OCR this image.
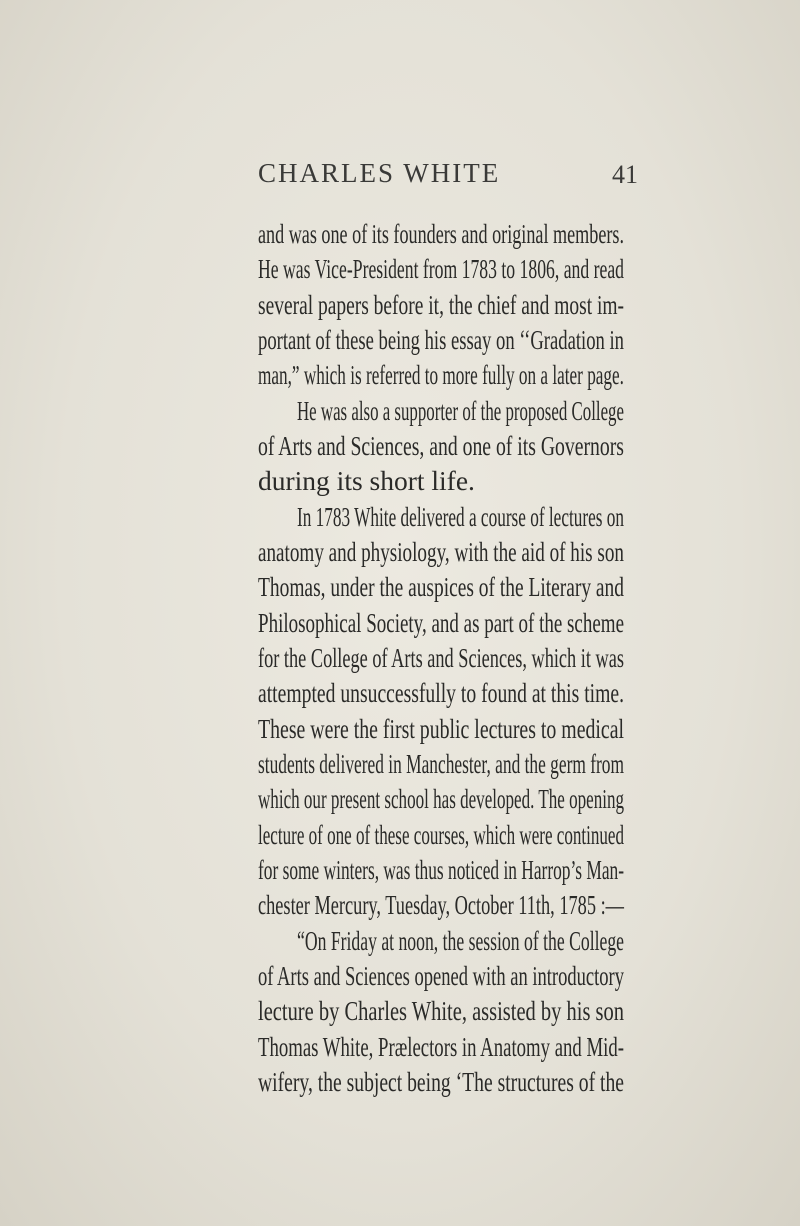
CHARLES WHITE	41
and was one of its founders and original members.
He was Vice-President from 1783 to 1806, and read
several papers before it, the chief and most im-
portant of these being his essay on ‘‘Gradation in
man,” which is referred to more fully on a later page.
He was also a supporter of the proposed College
of Arts and Sciences, and one of its Governors
during its short life.
In 1783 White delivered a course of lectures on
anatomy and physiology, with the aid of his son
Thomas, under the auspices of the Literary and
Philosophical Society, and as part of the scheme
for the College of Arts and Sciences, which it was
attempted unsuccessfully to found at this time.
These were the first public lectures to medical
students delivered in Manchester, and the germ from
which our present school has developed. The opening
lecture of one of these courses, which were continued
for some winters, was thus noticed in Harrop’s Man-
chester Mercury, Tuesday, October 11th, 1785 :—
“On Friday at noon, the session of the College
of Arts and Sciences opened with an introductory
lecture by Charles White, assisted by his son
Thomas White, Prælectors in Anatomy and Mid-
wifery, the subject being ‘The structures of the
